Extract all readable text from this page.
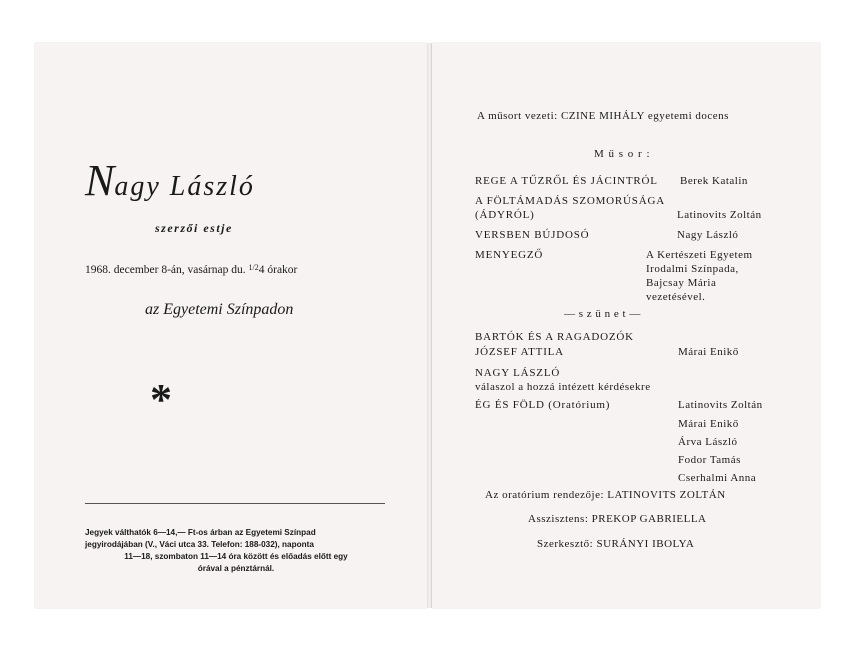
Nagy László
szerzői estje
1968. december 8-án, vasárnap du. $^{1/2}$4 órakor
az Egyetemi Színpadon
*
Jegyek válthatók 6—14,— Ft-os árban az Egyetemi Színpad
jegyirodájában (V., Váci utca 33. Telefon: 188-032), naponta
11—18, szombaton 11—14 óra között és előadás előtt egy
órával a pénztárnál.
A műsort vezeti: CZINE MIHÁLY egyetemi docens
M ű s o r :
REGE A TŰZRŐL ÉS JÁCINTRÓL Berek Katalin
A FÖLTÁMADÁS SZOMORÚSÁGA
(ÁDYRÓL)	Latinovits Zoltán
VERSBEN BÚJDOSÓ	Nagy László
MENYEGZŐ	A Kertészeti Egyetem
Irodalmi Színpada,
Bajcsay Mária
vezetésével.
— s z ü n e t —
BARTÓK ÉS A RAGADOZÓK
JÓZSEF ATTILA	Márai Enikő
NAGY LÁSZLÓ
válaszol a hozzá intézett kérdésekre
ÉG ÉS FÖLD (Oratórium)	Latinovits Zoltán
Márai Enikő
Árva László
Fodor Tamás
Cserhalmi Anna
Az oratórium rendezője: LATINOVITS ZOLTÁN
Asszisztens: PREKOP GABRIELLA
Szerkesztő: SURÁNYI IBOLYA
